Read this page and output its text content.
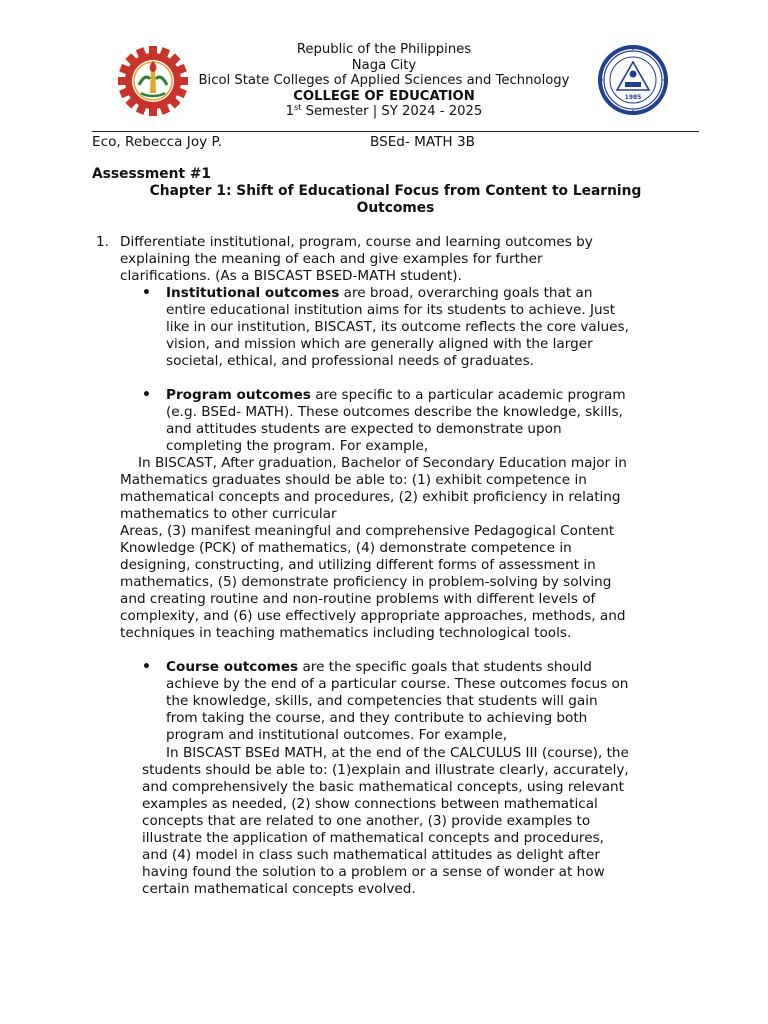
1985
Republic of the Philippines
Naga City
Bicol State Colleges of Applied Sciences and Technology
COLLEGE OF EDUCATION
1st Semester | SY 2024 - 2025
Eco, Rebecca Joy P.	BSEd- MATH 3B
Assessment #1
Chapter 1: Shift of Educational Focus from Content to Learning
Outcomes
1. Differentiate institutional, program, course and learning outcomes by
explaining the meaning of each and give examples for further
clarifications. (As a BISCAST BSED-MATH student).
• Institutional outcomes are broad, overarching goals that an
entire educational institution aims for its students to achieve. Just
like in our institution, BISCAST, its outcome reflects the core values,
vision, and mission which are generally aligned with the larger
societal, ethical, and professional needs of graduates.
• Program outcomes are specific to a particular academic program
(e.g. BSEd- MATH). These outcomes describe the knowledge, skills,
and attitudes students are expected to demonstrate upon
completing the program. For example,
In BISCAST, After graduation, Bachelor of Secondary Education major in
Mathematics graduates should be able to: (1) exhibit competence in
mathematical concepts and procedures, (2) exhibit proficiency in relating
mathematics to other curricular
Areas, (3) manifest meaningful and comprehensive Pedagogical Content
Knowledge (PCK) of mathematics, (4) demonstrate competence in
designing, constructing, and utilizing different forms of assessment in
mathematics, (5) demonstrate proficiency in problem-solving by solving
and creating routine and non-routine problems with different levels of
complexity, and (6) use effectively appropriate approaches, methods, and
techniques in teaching mathematics including technological tools.
• Course outcomes are the specific goals that students should
achieve by the end of a particular course. These outcomes focus on
the knowledge, skills, and competencies that students will gain
from taking the course, and they contribute to achieving both
program and institutional outcomes. For example,
In BISCAST BSEd MATH, at the end of the CALCULUS III (course), the
students should be able to: (1)explain and illustrate clearly, accurately,
and comprehensively the basic mathematical concepts, using relevant
examples as needed, (2) show connections between mathematical
concepts that are related to one another, (3) provide examples to
illustrate the application of mathematical concepts and procedures,
and (4) model in class such mathematical attitudes as delight after
having found the solution to a problem or a sense of wonder at how
certain mathematical concepts evolved.
